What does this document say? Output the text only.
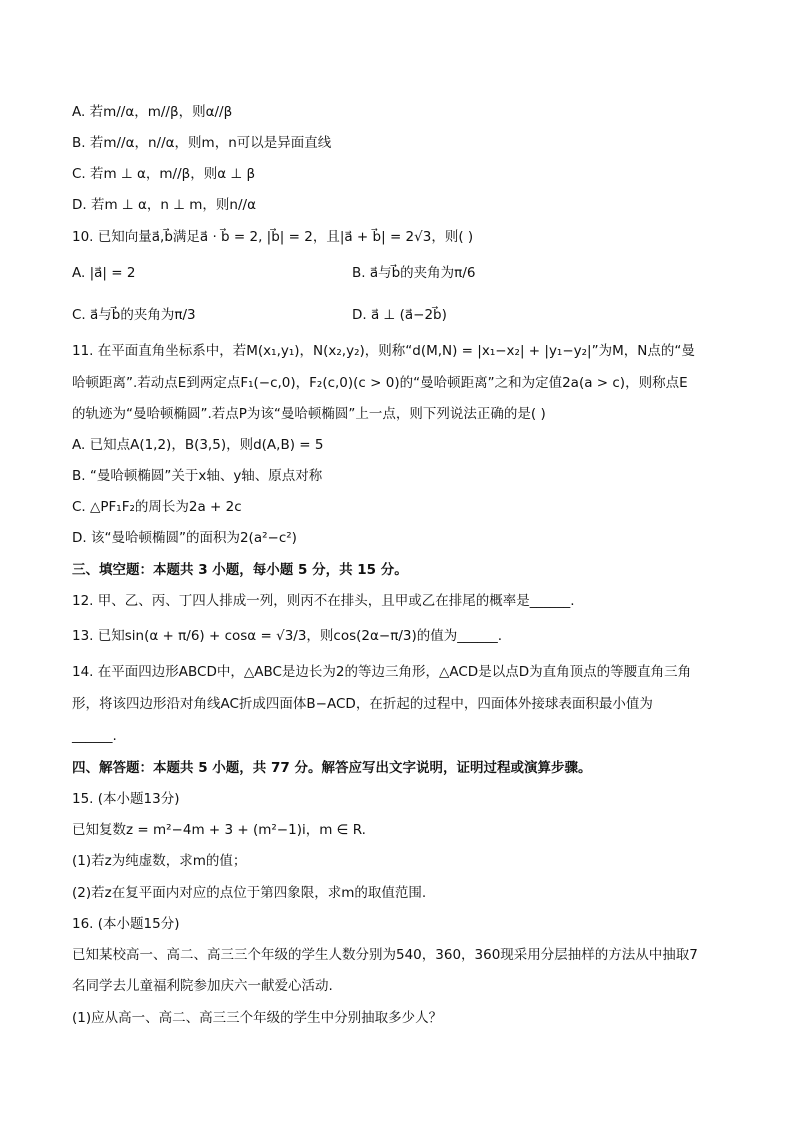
A. 若m//α，m//β，则α//β
B. 若m//α，n//α，则m，n可以是异面直线
C. 若m ⊥ α，m//β，则α ⊥ β
D. 若m ⊥ α，n ⊥ m，则n//α
10. 已知向量a⃗,b⃗满足a⃗ · b⃗ = 2, |b⃗| = 2，且|a⃗ + b⃗| = 2√3，则( )
A. |a⃗| = 2	B. a⃗与b⃗的夹角为π/6
C. a⃗与b⃗的夹角为π/3	D. a⃗ ⊥ (a⃗−2b⃗)
11. 在平面直角坐标系中，若M(x₁,y₁)，N(x₂,y₂)，则称“d(M,N) = |x₁−x₂| + |y₁−y₂|”为M，N点的“曼
哈顿距离”.若动点E到两定点F₁(−c,0)，F₂(c,0)(c > 0)的“曼哈顿距离”之和为定值2a(a > c)，则称点E
的轨迹为“曼哈顿椭圆”.若点P为该“曼哈顿椭圆”上一点，则下列说法正确的是( )
A. 已知点A(1,2)，B(3,5)，则d(A,B) = 5
B. “曼哈顿椭圆”关于x轴、y轴、原点对称
C. △PF₁F₂的周长为2a + 2c
D. 该“曼哈顿椭圆”的面积为2(a²−c²)
三、填空题：本题共 3 小题，每小题 5 分，共 15 分。
12. 甲、乙、丙、丁四人排成一列，则丙不在排头，且甲或乙在排尾的概率是______.
13. 已知sin(α + π/6) + cosα = √3/3，则cos(2α−π/3)的值为______.
14. 在平面四边形ABCD中，△ABC是边长为2的等边三角形，△ACD是以点D为直角顶点的等腰直角三角
形，将该四边形沿对角线AC折成四面体B−ACD，在折起的过程中，四面体外接球表面积最小值为
______.
四、解答题：本题共 5 小题，共 77 分。解答应写出文字说明，证明过程或演算步骤。
15. (本小题13分)
已知复数z = m²−4m + 3 + (m²−1)i，m ∈ R.
(1)若z为纯虚数，求m的值；
(2)若z在复平面内对应的点位于第四象限，求m的取值范围.
16. (本小题15分)
已知某校高一、高二、高三三个年级的学生人数分别为540，360，360现采用分层抽样的方法从中抽取7
名同学去儿童福利院参加庆六一献爱心活动.
(1)应从高一、高二、高三三个年级的学生中分别抽取多少人？
